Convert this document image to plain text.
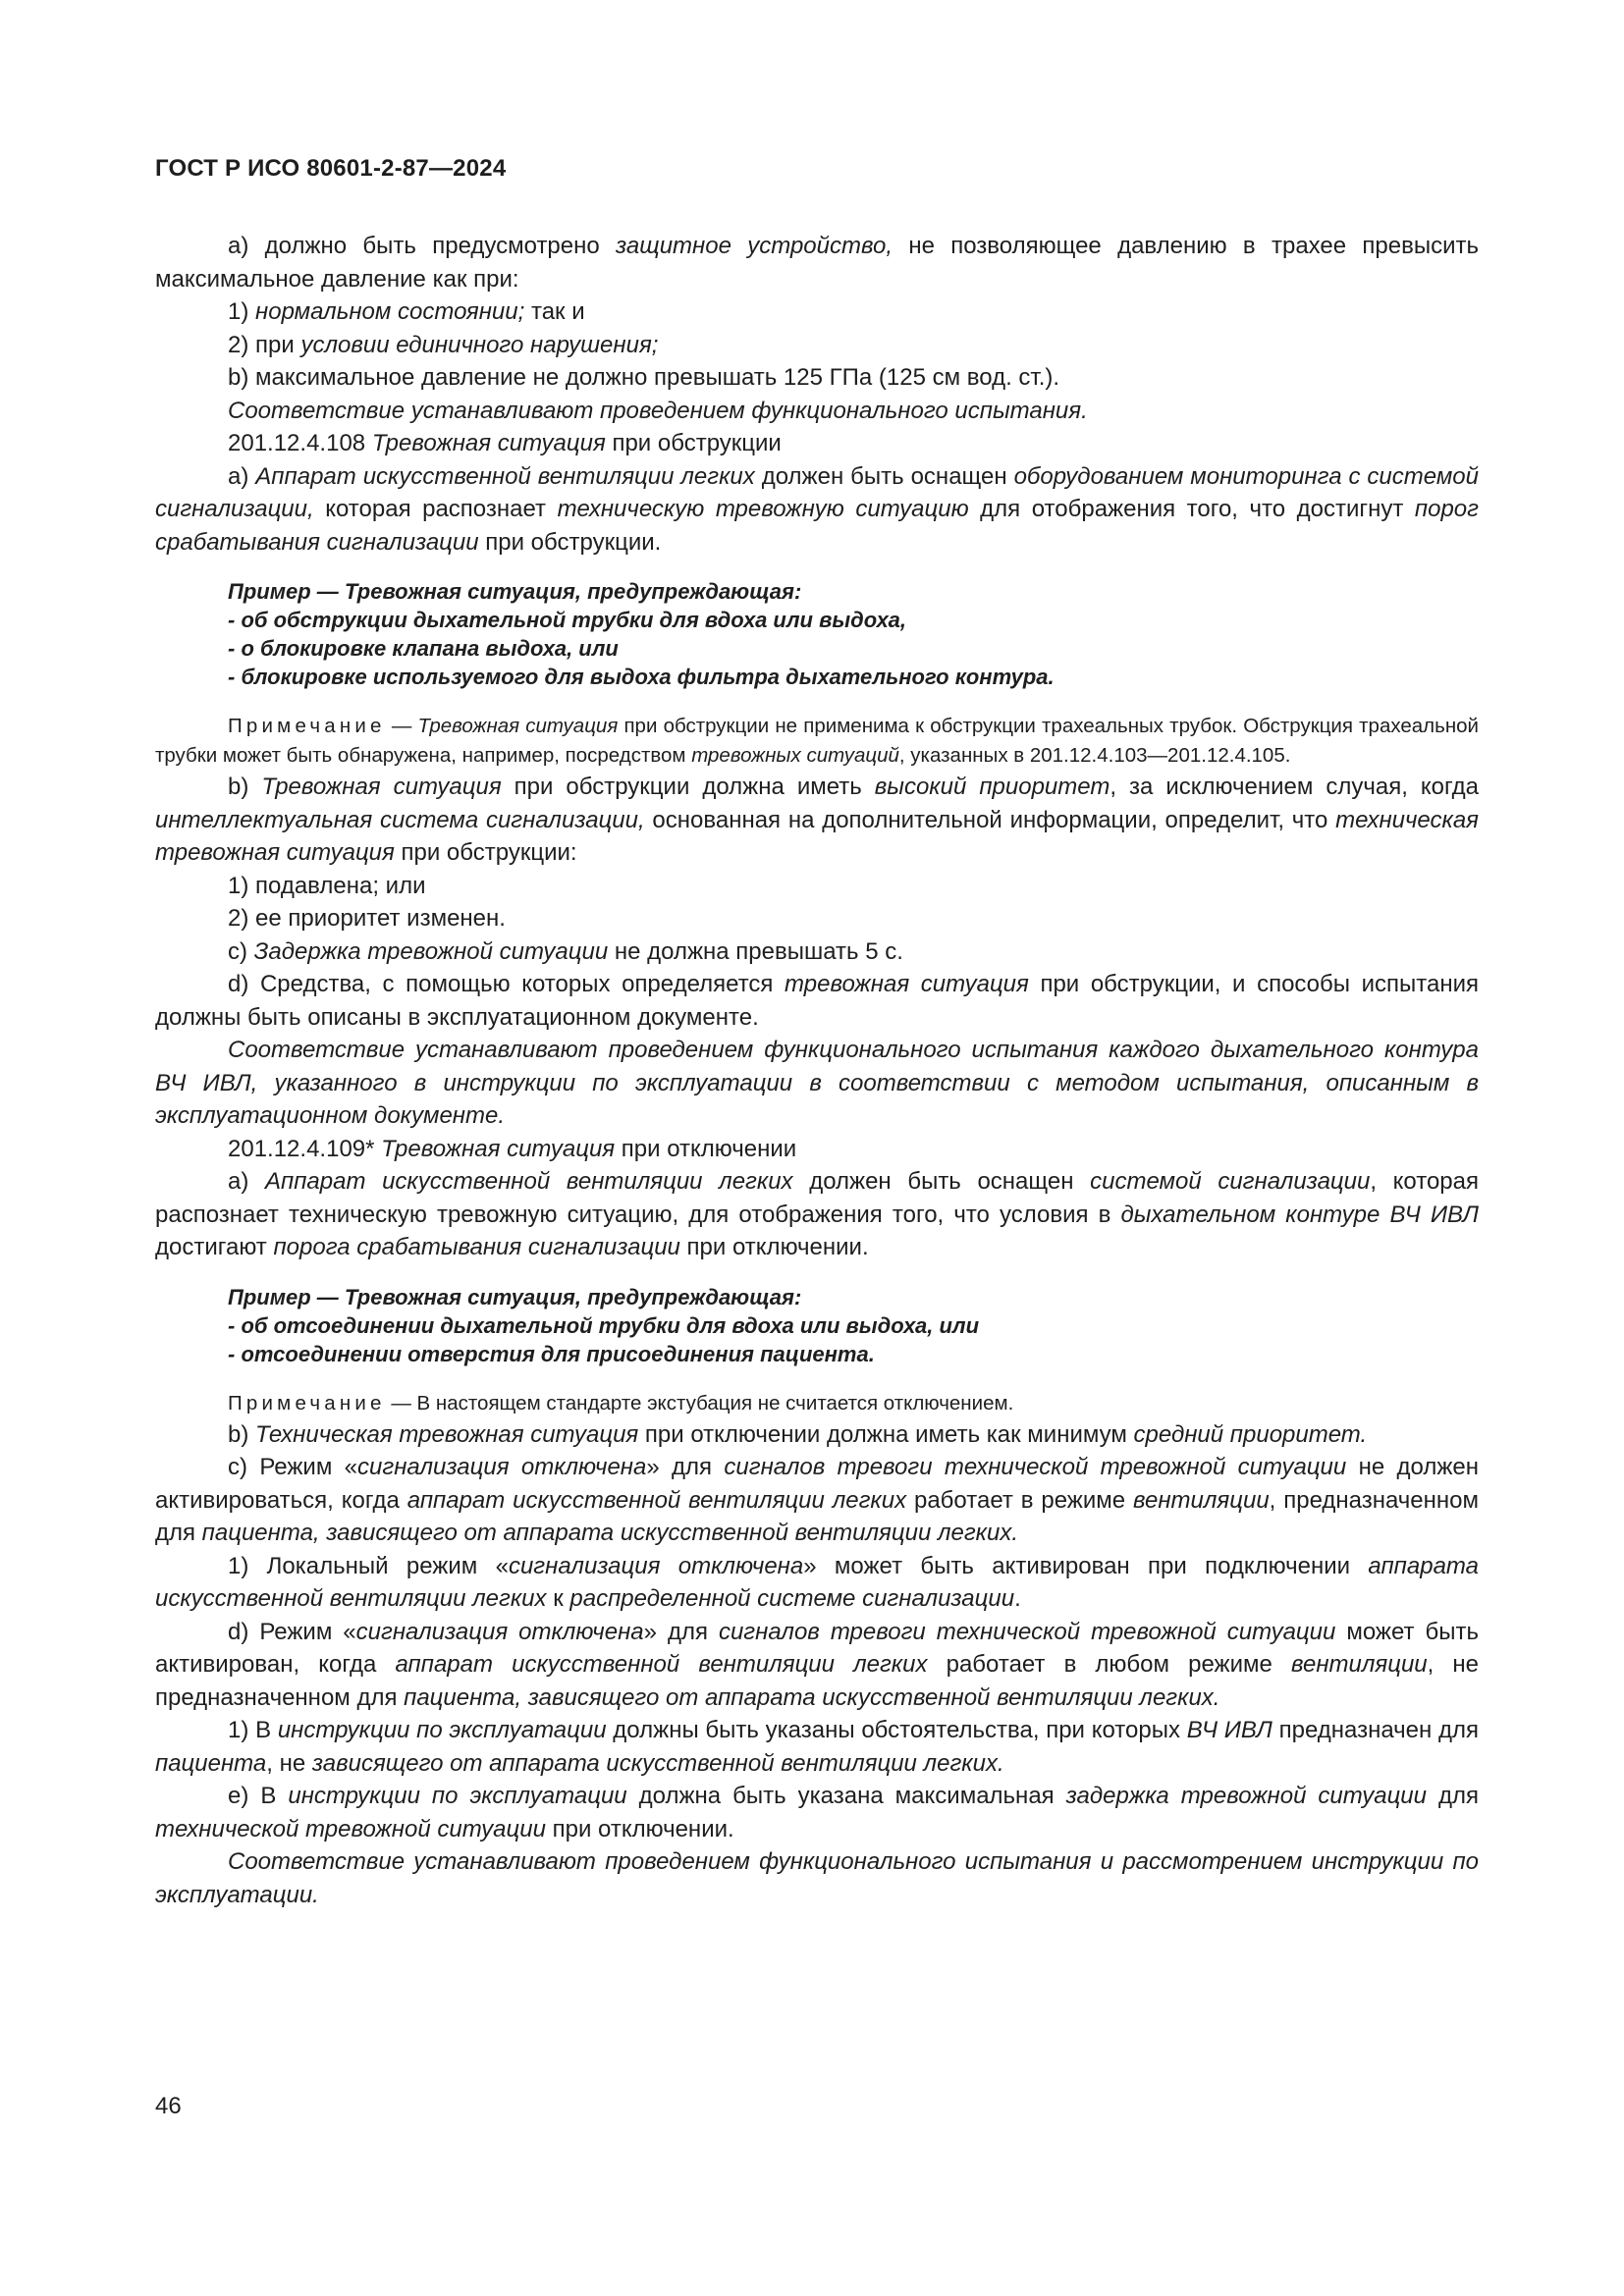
ГОСТ Р ИСО 80601-2-87—2024

a) должно быть предусмотрено защитное устройство, не позволяющее давлению в трахее превысить максимальное давление как при:

1) нормальном состоянии; так и

2) при условии единичного нарушения;

b) максимальное давление не должно превышать 125 ГПа (125 см вод. ст.).

Соответствие устанавливают проведением функционального испытания.

201.12.4.108 Тревожная ситуация при обструкции

a) Аппарат искусственной вентиляции легких должен быть оснащен оборудованием мониторинга с системой сигнализации, которая распознает техническую тревожную ситуацию для отображения того, что достигнут порог срабатывания сигнализации при обструкции.

Пример — Тревожная ситуация, предупреждающая:

- об обструкции дыхательной трубки для вдоха или выдоха,

- о блокировке клапана выдоха, или

- блокировке используемого для выдоха фильтра дыхательного контура.

Примечание — Тревожная ситуация при обструкции не применима к обструкции трахеальных трубок. Обструкция трахеальной трубки может быть обнаружена, например, посредством тревожных ситуаций, указанных в 201.12.4.103—201.12.4.105.

b) Тревожная ситуация при обструкции должна иметь высокий приоритет, за исключением случая, когда интеллектуальная система сигнализации, основанная на дополнительной информации, определит, что техническая тревожная ситуация при обструкции:

1) подавлена; или

2) ее приоритет изменен.

c) Задержка тревожной ситуации не должна превышать 5 с.

d) Средства, с помощью которых определяется тревожная ситуация при обструкции, и способы испытания должны быть описаны в эксплуатационном документе.

Соответствие устанавливают проведением функционального испытания каждого дыхательного контура ВЧ ИВЛ, указанного в инструкции по эксплуатации в соответствии с методом испытания, описанным в эксплуатационном документе.

201.12.4.109* Тревожная ситуация при отключении

a) Аппарат искусственной вентиляции легких должен быть оснащен системой сигнализации, которая распознает техническую тревожную ситуацию, для отображения того, что условия в дыхательном контуре ВЧ ИВЛ достигают порога срабатывания сигнализации при отключении.

Пример — Тревожная ситуация, предупреждающая:

- об отсоединении дыхательной трубки для вдоха или выдоха, или

- отсоединении отверстия для присоединения пациента.

Примечание — В настоящем стандарте экстубация не считается отключением.

b) Техническая тревожная ситуация при отключении должна иметь как минимум средний приоритет.

c) Режим «сигнализация отключена» для сигналов тревоги технической тревожной ситуации не должен активироваться, когда аппарат искусственной вентиляции легких работает в режиме вентиляции, предназначенном для пациента, зависящего от аппарата искусственной вентиляции легких.

1) Локальный режим «сигнализация отключена» может быть активирован при подключении аппарата искусственной вентиляции легких к распределенной системе сигнализации.

d) Режим «сигнализация отключена» для сигналов тревоги технической тревожной ситуации может быть активирован, когда аппарат искусственной вентиляции легких работает в любом режиме вентиляции, не предназначенном для пациента, зависящего от аппарата искусственной вентиляции легких.

1) В инструкции по эксплуатации должны быть указаны обстоятельства, при которых ВЧ ИВЛ предназначен для пациента, не зависящего от аппарата искусственной вентиляции легких.

e) В инструкции по эксплуатации должна быть указана максимальная задержка тревожной ситуации для технической тревожной ситуации при отключении.

Соответствие устанавливают проведением функционального испытания и рассмотрением инструкции по эксплуатации.

46
